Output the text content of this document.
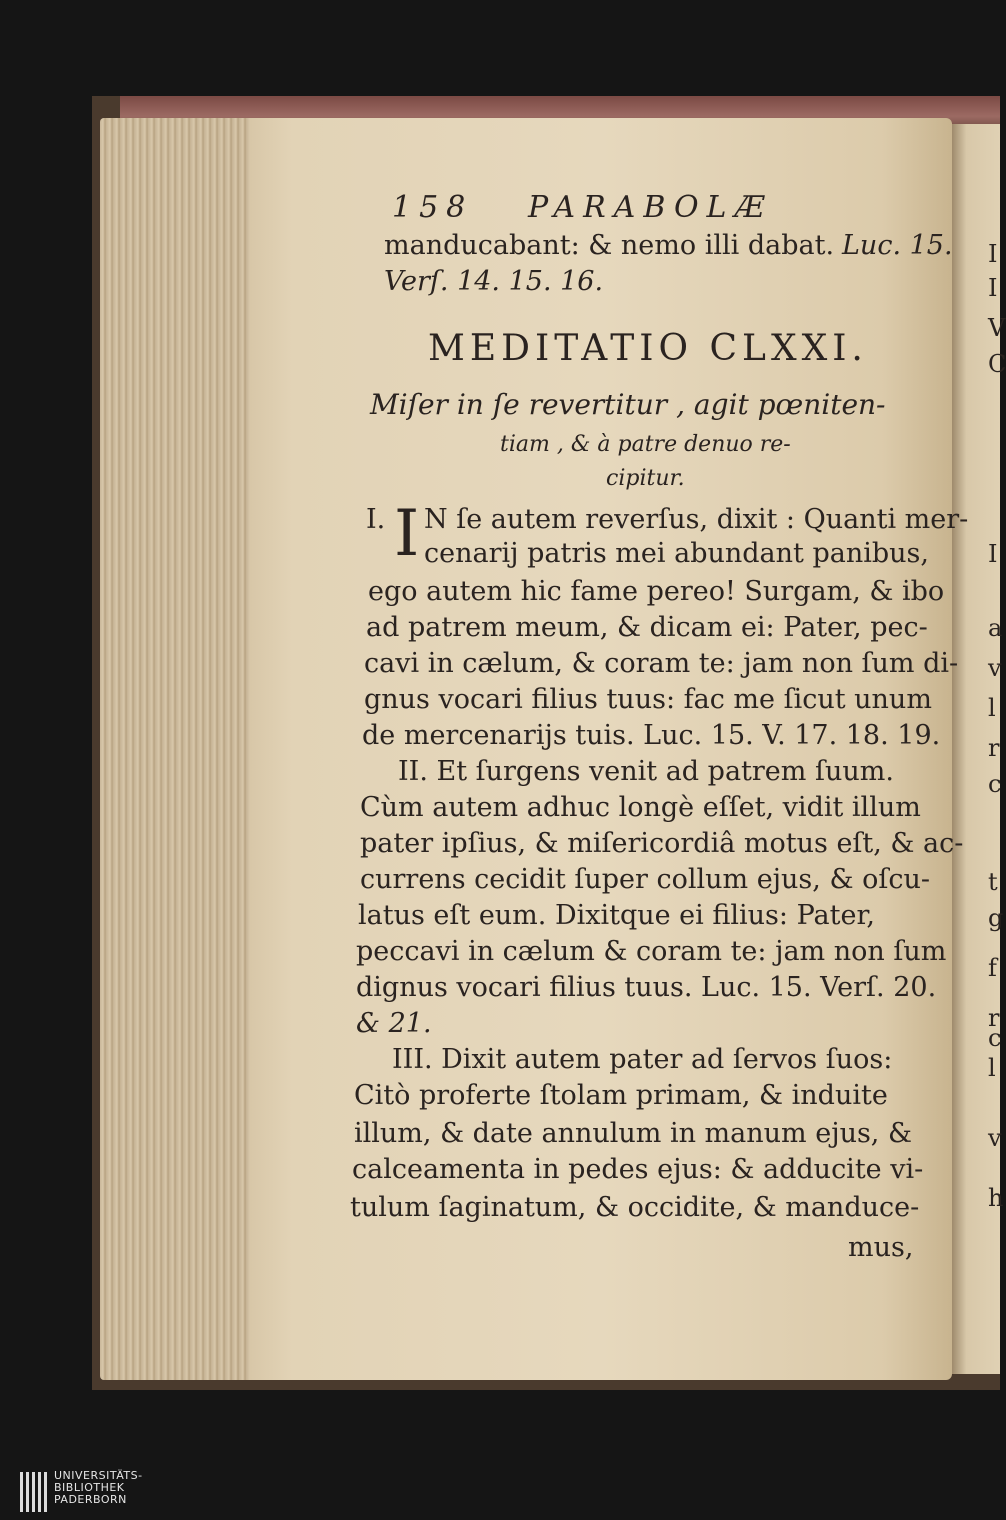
I
I
V
C
I
a
v
l
r
c
t
g
f
r
c
l
v
h
158 PARABOLÆ
manducabant: & nemo illi dabat. Luc. 15.
Verſ. 14. 15. 16.
MEDITATIO CLXXI.
Miſer in ſe revertitur , agit pœniten-
tiam , & à patre denuo re-
cipitur.
I. I N ſe autem reverſus, dixit : Quanti mer-
cenarij patris mei abundant panibus,
ego autem hic fame pereo! Surgam, & ibo
ad patrem meum, & dicam ei: Pater, pec-
cavi in cælum, & coram te: jam non ſum di-
gnus vocari filius tuus: fac me ſicut unum
de mercenarijs tuis. Luc. 15. V. 17. 18. 19.
II. Et ſurgens venit ad patrem ſuum.
Cùm autem adhuc longè eſſet, vidit illum
pater ipſius, & miſericordiâ motus eſt, & ac-
currens cecidit ſuper collum ejus, & oſcu-
latus eſt eum. Dixitque ei filius: Pater,
peccavi in cælum & coram te: jam non ſum
dignus vocari filius tuus. Luc. 15. Verſ. 20.
& 21.
III. Dixit autem pater ad ſervos ſuos:
Citò proferte ſtolam primam, & induite
illum, & date annulum in manum ejus, &
calceamenta in pedes ejus: & adducite vi-
tulum ſaginatum, & occidite, & manduce-
mus,
UNIVERSITÄTS-
BIBLIOTHEK
PADERBORN
